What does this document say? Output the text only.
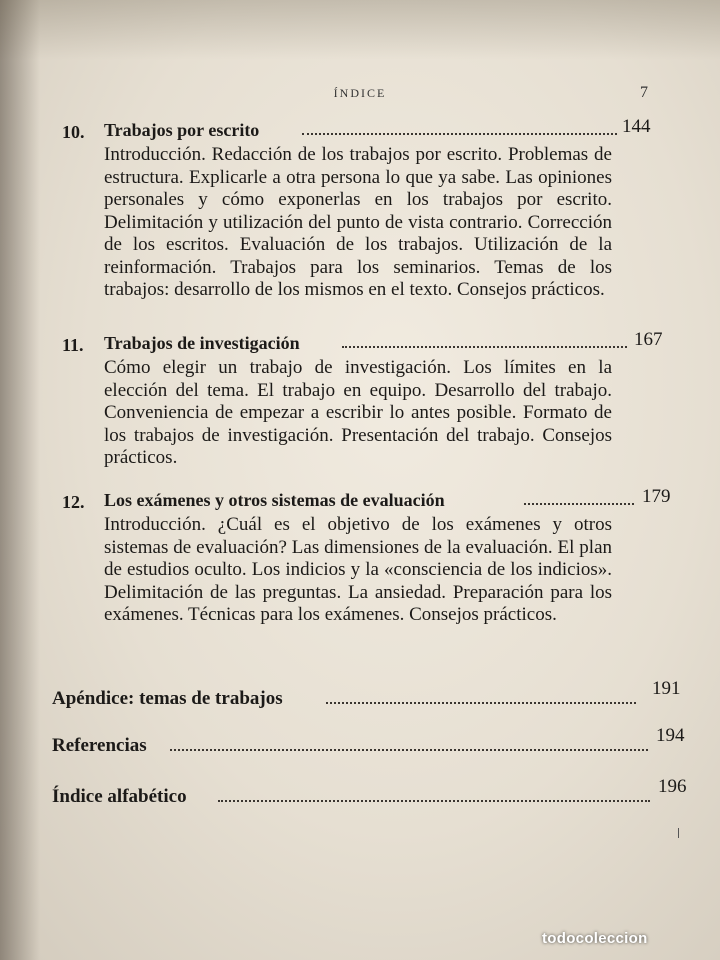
ÍNDICE	7
10. Trabajos por escrito	144
Introducción. Redacción de los trabajos por escrito. Problemas de estructura. Explicarle a otra persona lo que ya sabe. Las opiniones personales y cómo exponerlas en los trabajos por escrito. Delimitación y utilización del punto de vista contrario. Corrección de los escritos. Evaluación de los trabajos. Utilización de la reinformación. Trabajos para los seminarios. Temas de los trabajos: desarrollo de los mismos en el texto. Consejos prácticos.
11. Trabajos de investigación	167
Cómo elegir un trabajo de investigación. Los límites en la elección del tema. El trabajo en equipo. Desarrollo del trabajo. Conveniencia de empezar a escribir lo antes posible. Formato de los trabajos de investigación. Presentación del trabajo. Consejos prácticos.
12. Los exámenes y otros sistemas de evaluación	179
Introducción. ¿Cuál es el objetivo de los exámenes y otros sistemas de evaluación? Las dimensiones de la evaluación. El plan de estudios oculto. Los indicios y la «consciencia de los indicios». Delimitación de las preguntas. La ansiedad. Preparación para los exámenes. Técnicas para los exámenes. Consejos prácticos.
Apéndice: temas de trabajos	191
Referencias	194
Índice alfabético	196
todocoleccion
